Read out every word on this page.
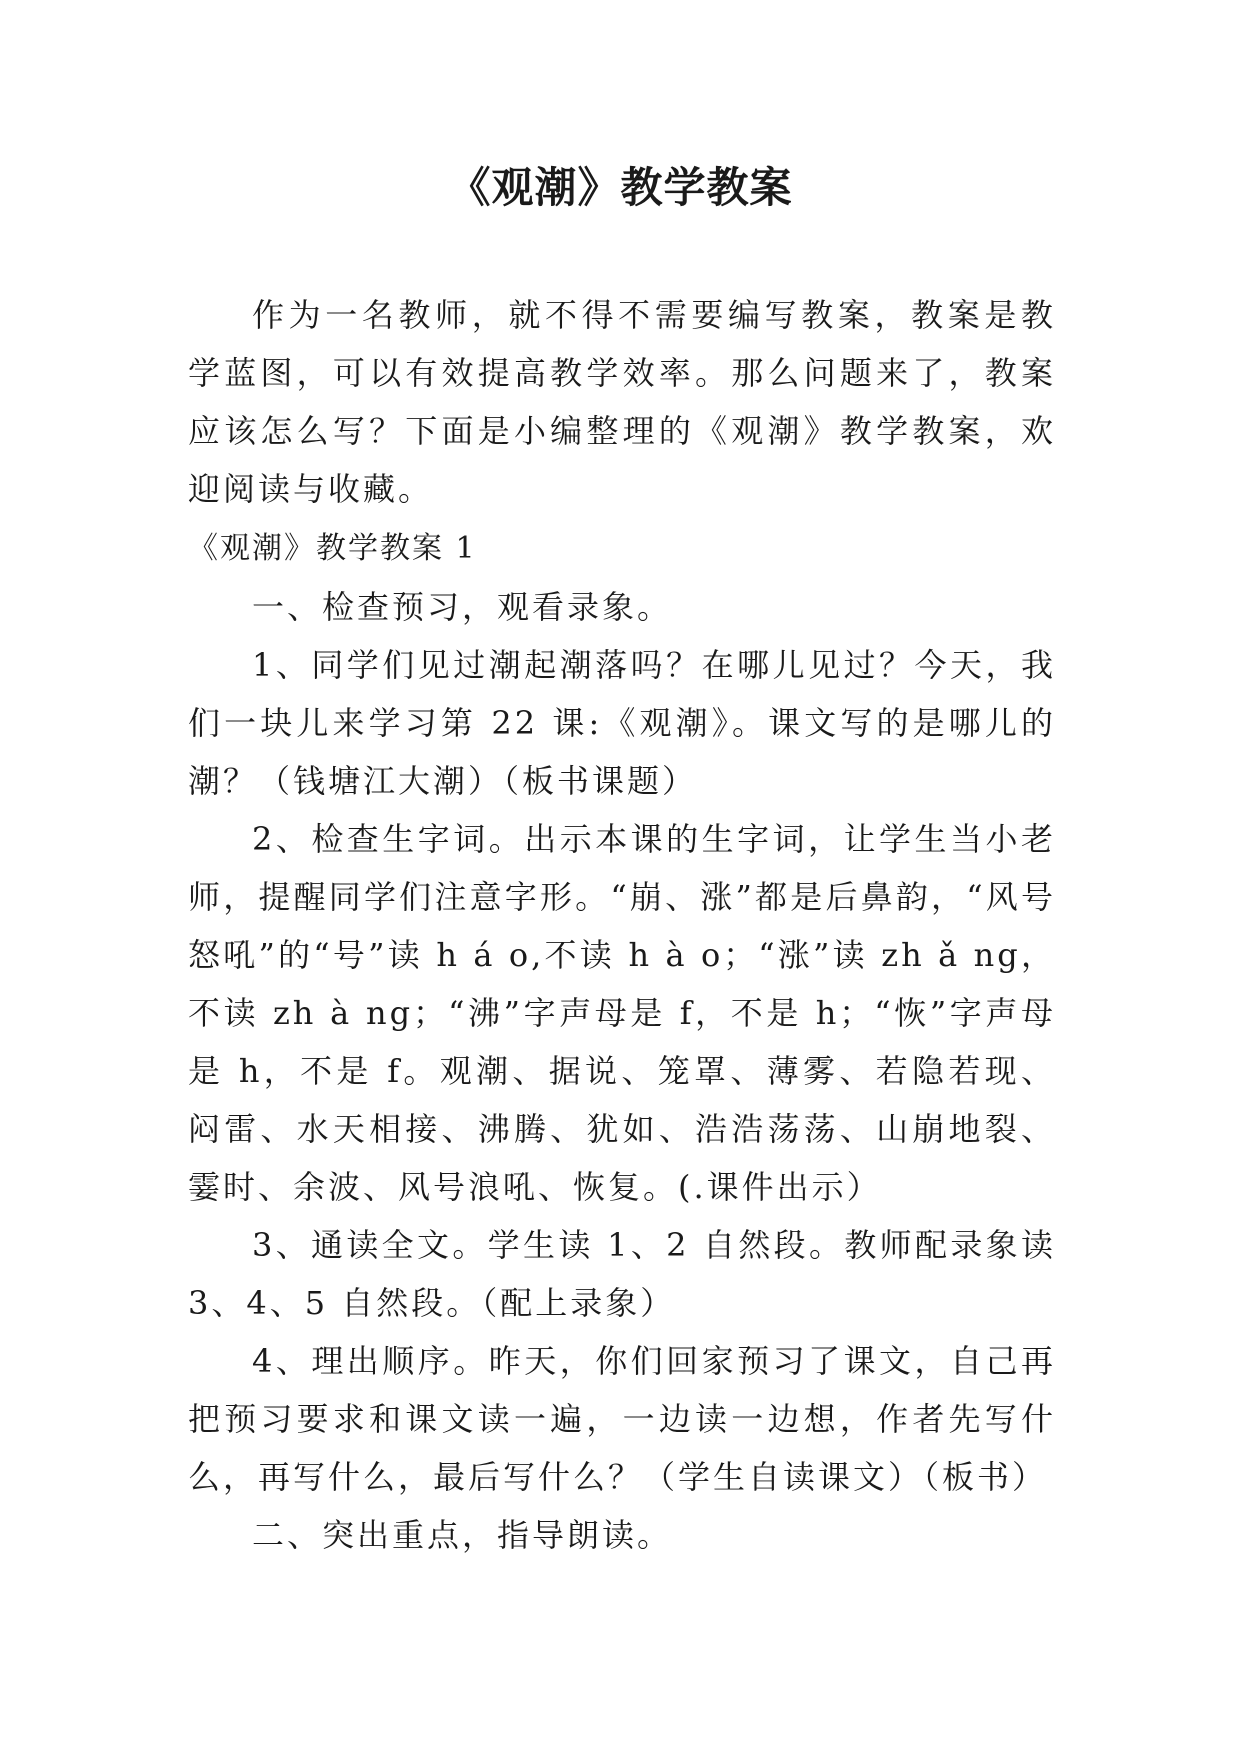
《观潮》教学教案

作为一名教师，就不得不需要编写教案，教案是教学蓝图，可以有效提高教学效率。那么问题来了，教案应该怎么写？下面是小编整理的《观潮》教学教案，欢迎阅读与收藏。

《观潮》教学教案 1

一、检查预习，观看录象。

1、同学们见过潮起潮落吗？在哪儿见过？今天，我们一块儿来学习第 22 课:《观潮》。课文写的是哪儿的潮？（钱塘江大潮）（板书课题）

2、检查生字词。出示本课的生字词，让学生当小老师，提醒同学们注意字形。“崩、涨”都是后鼻韵，“风号怒吼”的“号”读 h á o,不读 h à o；“涨”读 zh ǎ ng，不读 zh à ng；“沸”字声母是 f，不是 h；“恢”字声母是 h，不是 f。观潮、据说、笼罩、薄雾、若隐若现、闷雷、水天相接、沸腾、犹如、浩浩荡荡、山崩地裂、霎时、余波、风号浪吼、恢复。(.课件出示）

3、通读全文。学生读 1、2 自然段。教师配录象读 3、4、5 自然段。（配上录象）

4、理出顺序。昨天，你们回家预习了课文，自己再把预习要求和课文读一遍，一边读一边想，作者先写什么，再写什么，最后写什么？（学生自读课文）（板书）

二、突出重点，指导朗读。
